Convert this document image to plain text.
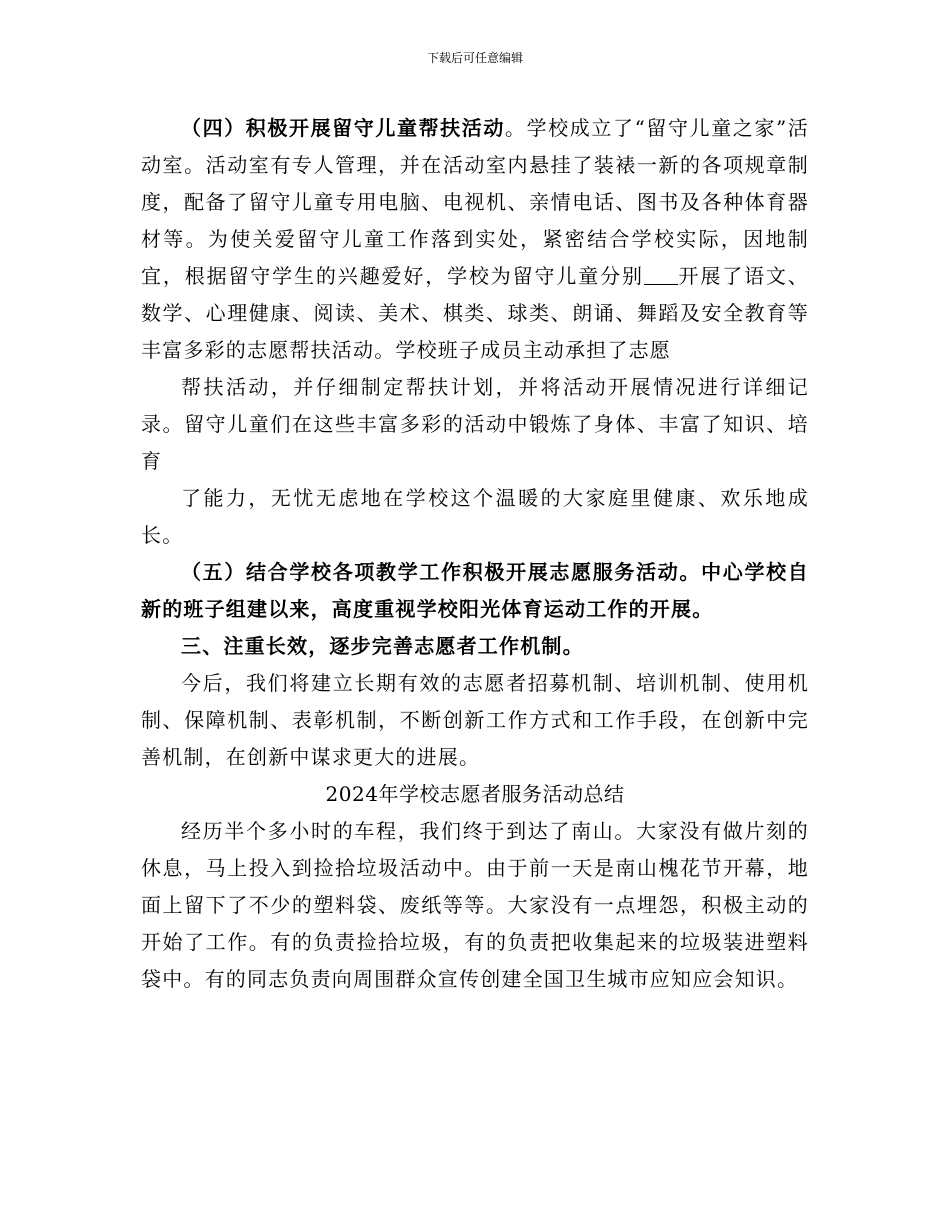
下载后可任意编辑

（四）积极开展留守儿童帮扶活动。学校成立了“留守儿童之家”活动室。活动室有专人管理，并在活动室内悬挂了装裱一新的各项规章制度，配备了留守儿童专用电脑、电视机、亲情电话、图书及各种体育器材等。为使关爱留守儿童工作落到实处，紧密结合学校实际，因地制宜，根据留守学生的兴趣爱好，学校为留守儿童分别 开展了语文、数学、心理健康、阅读、美术、棋类、球类、朗诵、舞蹈及安全教育等丰富多彩的志愿帮扶活动。学校班子成员主动承担了志愿

帮扶活动，并仔细制定帮扶计划，并将活动开展情况进行详细记录。留守儿童们在这些丰富多彩的活动中锻炼了身体、丰富了知识、培育

了能力，无忧无虑地在学校这个温暖的大家庭里健康、欢乐地成长。

（五）结合学校各项教学工作积极开展志愿服务活动。中心学校自新的班子组建以来，高度重视学校阳光体育运动工作的开展。

三、注重长效，逐步完善志愿者工作机制。

今后，我们将建立长期有效的志愿者招募机制、培训机制、使用机制、保障机制、表彰机制，不断创新工作方式和工作手段，在创新中完善机制，在创新中谋求更大的进展。

2024年学校志愿者服务活动总结

经历半个多小时的车程，我们终于到达了南山。大家没有做片刻的休息，马上投入到捡拾垃圾活动中。由于前一天是南山槐花节开幕，地面上留下了不少的塑料袋、废纸等等。大家没有一点埋怨，积极主动的开始了工作。有的负责捡拾垃圾，有的负责把收集起来的垃圾装进塑料袋中。有的同志负责向周围群众宣传创建全国卫生城市应知应会知识。
